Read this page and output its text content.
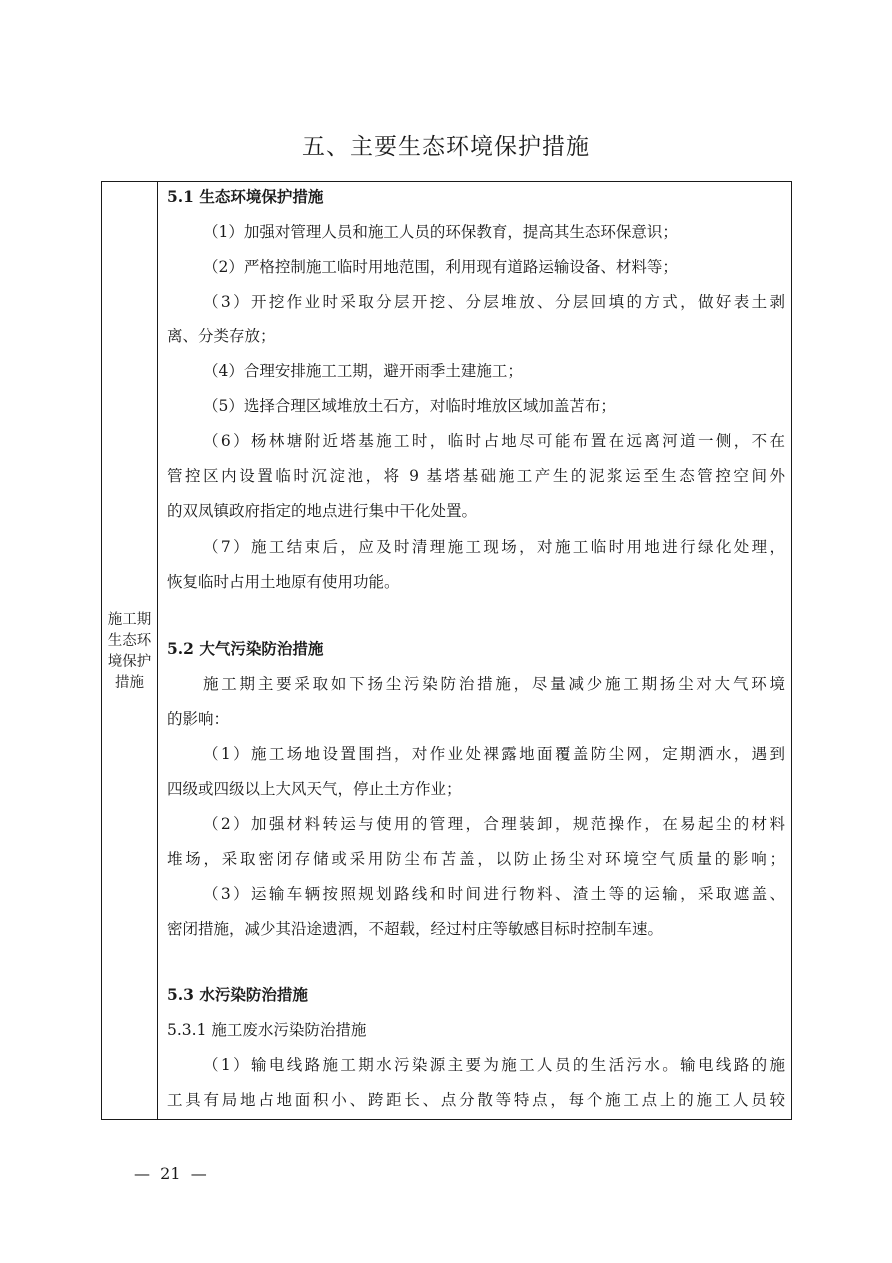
五、主要生态环境保护措施
施工期
生态环
境保护
措施
5.1 生态环境保护措施
（1）加强对管理人员和施工人员的环保教育，提高其生态环保意识；
（2）严格控制施工临时用地范围，利用现有道路运输设备、材料等；
（3）开挖作业时采取分层开挖、分层堆放、分层回填的方式，做好表土剥
离、分类存放；
（4）合理安排施工工期，避开雨季土建施工；
（5）选择合理区域堆放土石方，对临时堆放区域加盖苫布；
（6）杨林塘附近塔基施工时，临时占地尽可能布置在远离河道一侧，不在
管控区内设置临时沉淀池，将 9 基塔基础施工产生的泥浆运至生态管控空间外
的双凤镇政府指定的地点进行集中干化处置。
（7）施工结束后，应及时清理施工现场，对施工临时用地进行绿化处理，
恢复临时占用土地原有使用功能。
5.2 大气污染防治措施
施工期主要采取如下扬尘污染防治措施，尽量减少施工期扬尘对大气环境
的影响：
（1）施工场地设置围挡，对作业处裸露地面覆盖防尘网，定期洒水，遇到
四级或四级以上大风天气，停止土方作业；
（2）加强材料转运与使用的管理，合理装卸，规范操作，在易起尘的材料
堆场，采取密闭存储或采用防尘布苫盖，以防止扬尘对环境空气质量的影响；
（3）运输车辆按照规划路线和时间进行物料、渣土等的运输，采取遮盖、
密闭措施，减少其沿途遗洒，不超载，经过村庄等敏感目标时控制车速。
5.3 水污染防治措施
5.3.1 施工废水污染防治措施
（1）输电线路施工期水污染源主要为施工人员的生活污水。输电线路的施
工具有局地占地面积小、跨距长、点分散等特点，每个施工点上的施工人员较
—  21  —
